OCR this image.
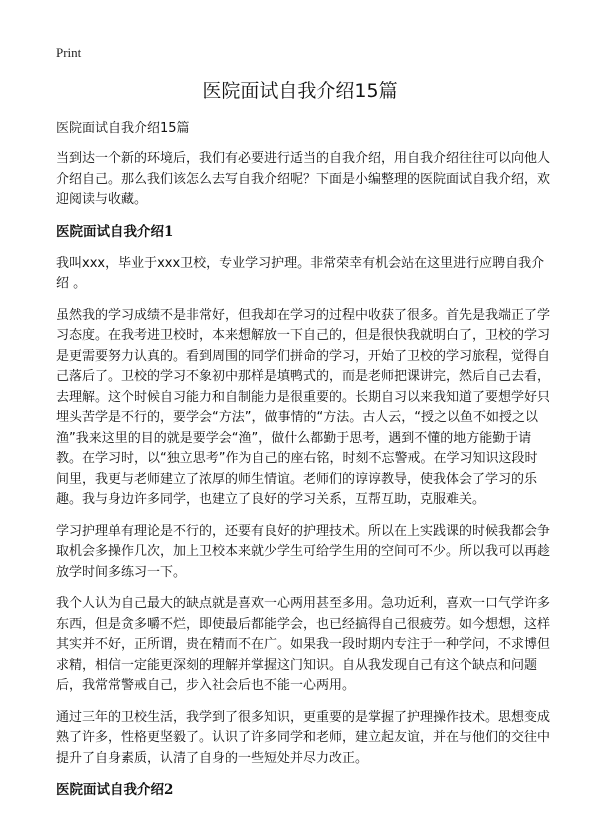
Print
医院面试自我介绍15篇

医院面试自我介绍15篇

当到达一个新的环境后，我们有必要进行适当的自我介绍，用自我介绍往往可以向他人介绍自己。那么我们该怎么去写自我介绍呢？下面是小编整理的医院面试自我介绍，欢迎阅读与收藏。

医院面试自我介绍1

我叫xxx，毕业于xxx卫校，专业学习护理。非常荣幸有机会站在这里进行应聘自我介绍 。

虽然我的学习成绩不是非常好，但我却在学习的过程中收获了很多。首先是我端正了学习态度。在我考进卫校时，本来想解放一下自己的，但是很快我就明白了，卫校的学习是更需要努力认真的。看到周围的同学们拼命的学习，开始了卫校的学习旅程，觉得自己落后了。卫校的学习不象初中那样是填鸭式的，而是老师把课讲完，然后自己去看，去理解。这个时候自习能力和自制能力是很重要的。长期自习以来我知道了要想学好只埋头苦学是不行的，要学会“方法”，做事情的“方法。古人云，“授之以鱼不如授之以渔”我来这里的目的就是要学会“渔”，做什么都勤于思考，遇到不懂的地方能勤于请教。在学习时，以“独立思考”作为自己的座右铭，时刻不忘警戒。在学习知识这段时间里，我更与老师建立了浓厚的师生情谊。老师们的谆谆教导，使我体会了学习的乐趣。我与身边许多同学，也建立了良好的学习关系，互帮互助，克服难关。

学习护理单有理论是不行的，还要有良好的护理技术。所以在上实践课的时候我都会争取机会多操作几次，加上卫校本来就少学生可给学生用的空间可不少。所以我可以再趁放学时间多练习一下。

我个人认为自己最大的缺点就是喜欢一心两用甚至多用。急功近利，喜欢一口气学许多东西，但是贪多嚼不烂，即使最后都能学会，也已经搞得自己很疲劳。如今想想，这样其实并不好，正所谓，贵在精而不在广。如果我一段时期内专注于一种学问，不求博但求精，相信一定能更深刻的理解并掌握这门知识。自从我发现自己有这个缺点和问题后，我常常警戒自己，步入社会后也不能一心两用。

通过三年的卫校生活，我学到了很多知识，更重要的是掌握了护理操作技术。思想变成熟了许多，性格更坚毅了。认识了许多同学和老师，建立起友谊，并在与他们的交往中提升了自身素质，认清了自身的一些短处并尽力改正。

医院面试自我介绍2
